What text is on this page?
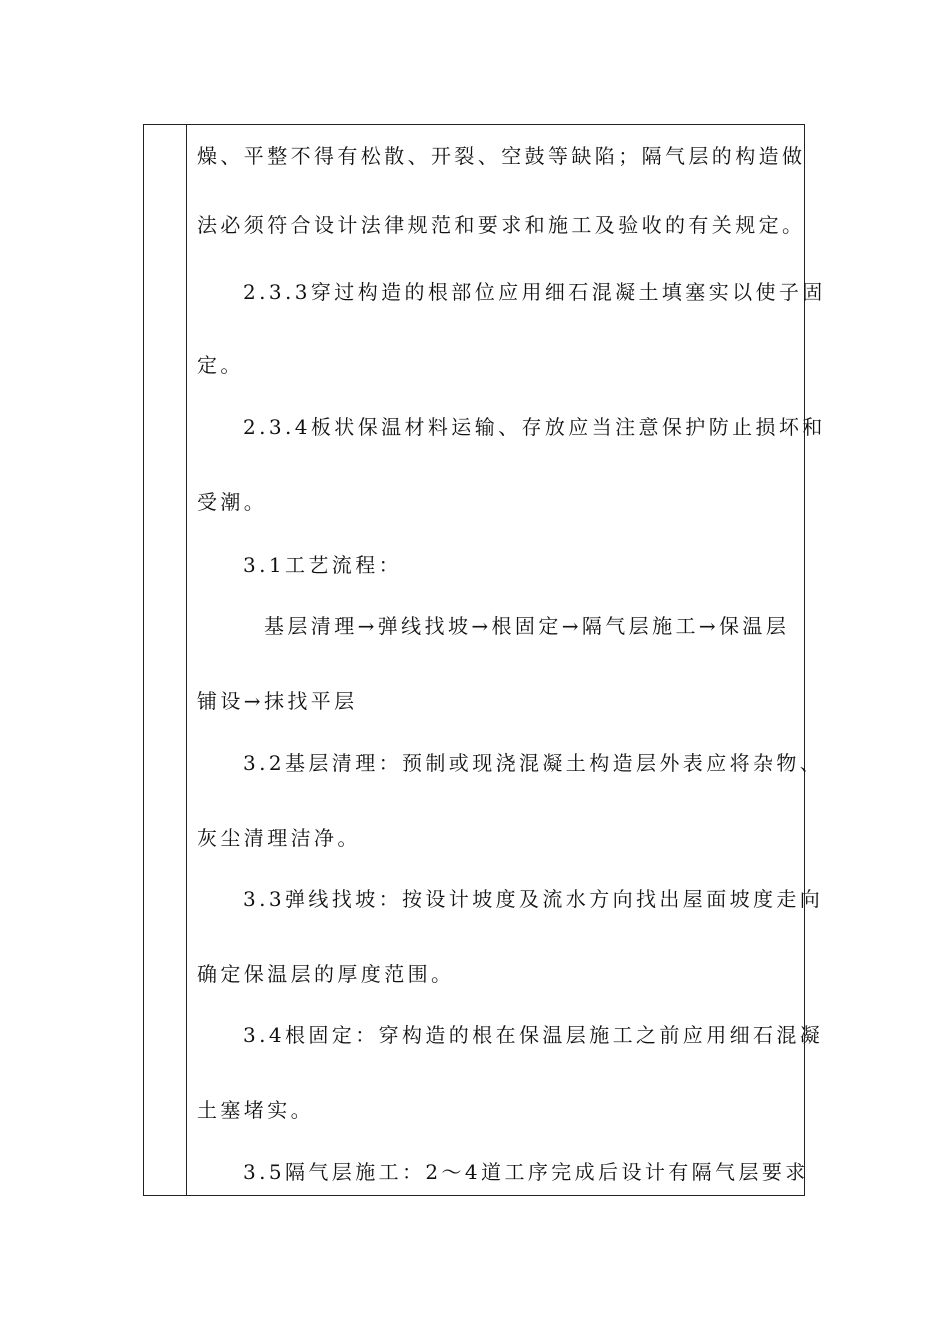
燥、平整不得有松散、开裂、空鼓等缺陷；隔气层的构造做
法必须符合设计法律规范和要求和施工及验收的有关规定。
2.3.3穿过构造的根部位应用细石混凝土填塞实以使子固
定。
2.3.4板状保温材料运输、存放应当注意保护防止损坏和
受潮。
3.1工艺流程：
基层清理→弹线找坡→根固定→隔气层施工→保温层
铺设→抹找平层
3.2基层清理：预制或现浇混凝土构造层外表应将杂物、
灰尘清理洁净。
3.3弹线找坡：按设计坡度及流水方向找出屋面坡度走向
确定保温层的厚度范围。
3.4根固定：穿构造的根在保温层施工之前应用细石混凝
土塞堵实。
3.5隔气层施工：2～4道工序完成后设计有隔气层要求
